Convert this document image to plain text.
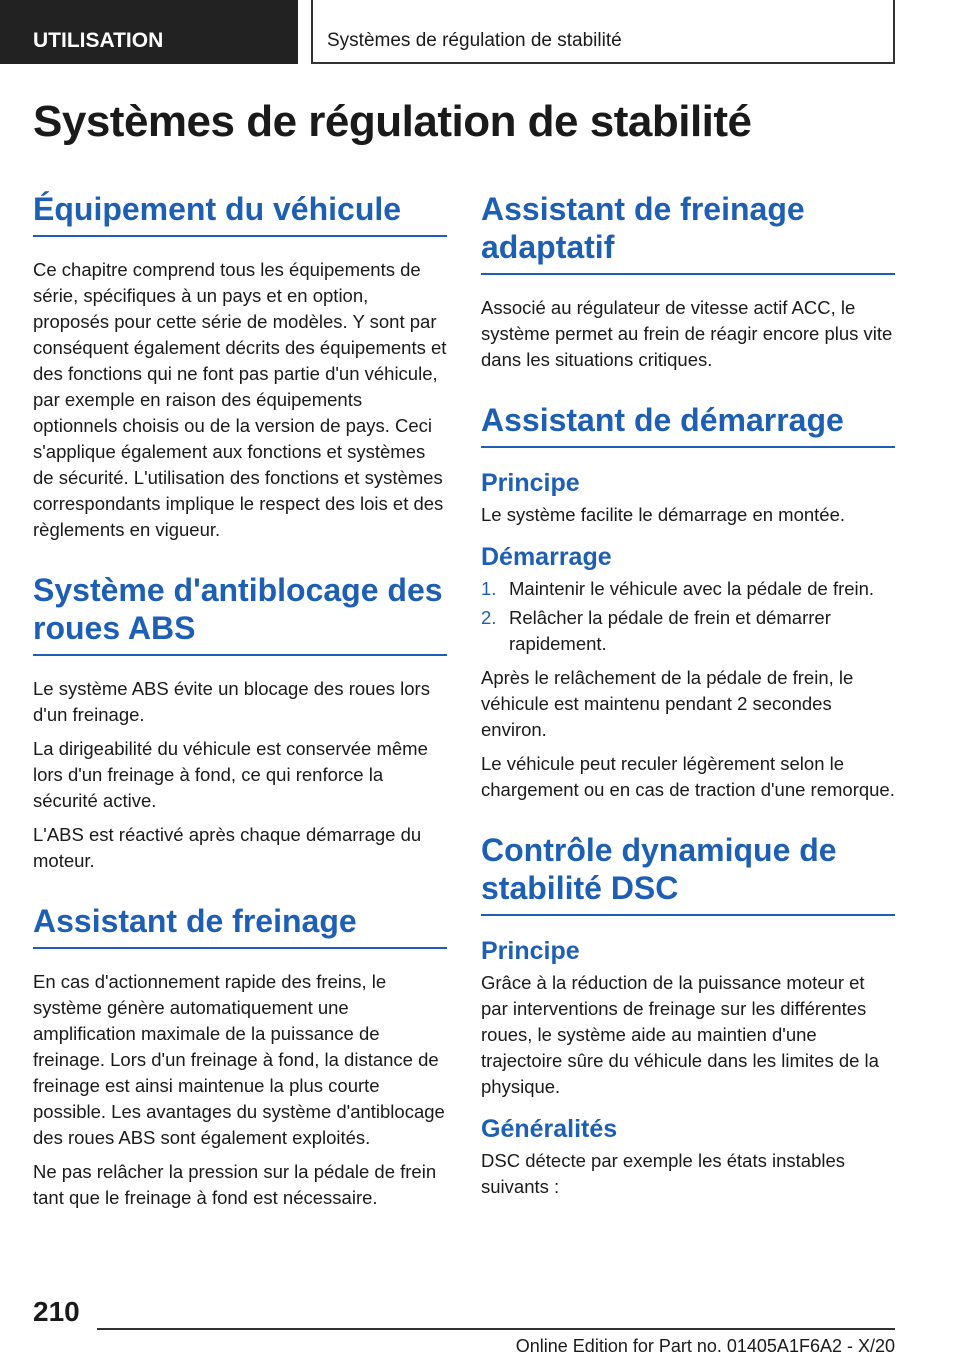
UTILISATION	Systèmes de régulation de stabilité
Systèmes de régulation de stabilité
Équipement du véhicule

Ce chapitre comprend tous les équipements de série, spécifiques à un pays et en option, proposés pour cette série de modèles. Y sont par conséquent également décrits des équipements et des fonctions qui ne font pas partie d'un véhicule, par exemple en raison des équipements optionnels choisis ou de la version de pays. Ceci s'applique également aux fonctions et systèmes de sécurité. L'utilisation des fonctions et systèmes correspondants implique le respect des lois et des règlements en vigueur.

Système d'antiblocage des roues ABS

Le système ABS évite un blocage des roues lors d'un freinage.

La dirigeabilité du véhicule est conservée même lors d'un freinage à fond, ce qui renforce la sécurité active.

L'ABS est réactivé après chaque démarrage du moteur.

Assistant de freinage

En cas d'actionnement rapide des freins, le système génère automatiquement une amplification maximale de la puissance de freinage. Lors d'un freinage à fond, la distance de freinage est ainsi maintenue la plus courte possible. Les avantages du système d'antiblocage des roues ABS sont également exploités.

Ne pas relâcher la pression sur la pédale de frein tant que le freinage à fond est nécessaire.

Assistant de freinage adaptatif

Associé au régulateur de vitesse actif ACC, le système permet au frein de réagir encore plus vite dans les situations critiques.

Assistant de démarrage
Principe

Le système facilite le démarrage en montée.

Démarrage
1. Maintenir le véhicule avec la pédale de frein.
2. Relâcher la pédale de frein et démarrer rapidement.

Après le relâchement de la pédale de frein, le véhicule est maintenu pendant 2 secondes environ.

Le véhicule peut reculer légèrement selon le chargement ou en cas de traction d'une remorque.

Contrôle dynamique de stabilité DSC
Principe

Grâce à la réduction de la puissance moteur et par interventions de freinage sur les différentes roues, le système aide au maintien d'une trajectoire sûre du véhicule dans les limites de la physique.

Généralités

DSC détecte par exemple les états instables suivants :

210
Online Edition for Part no. 01405A1F6A2 - X/20
